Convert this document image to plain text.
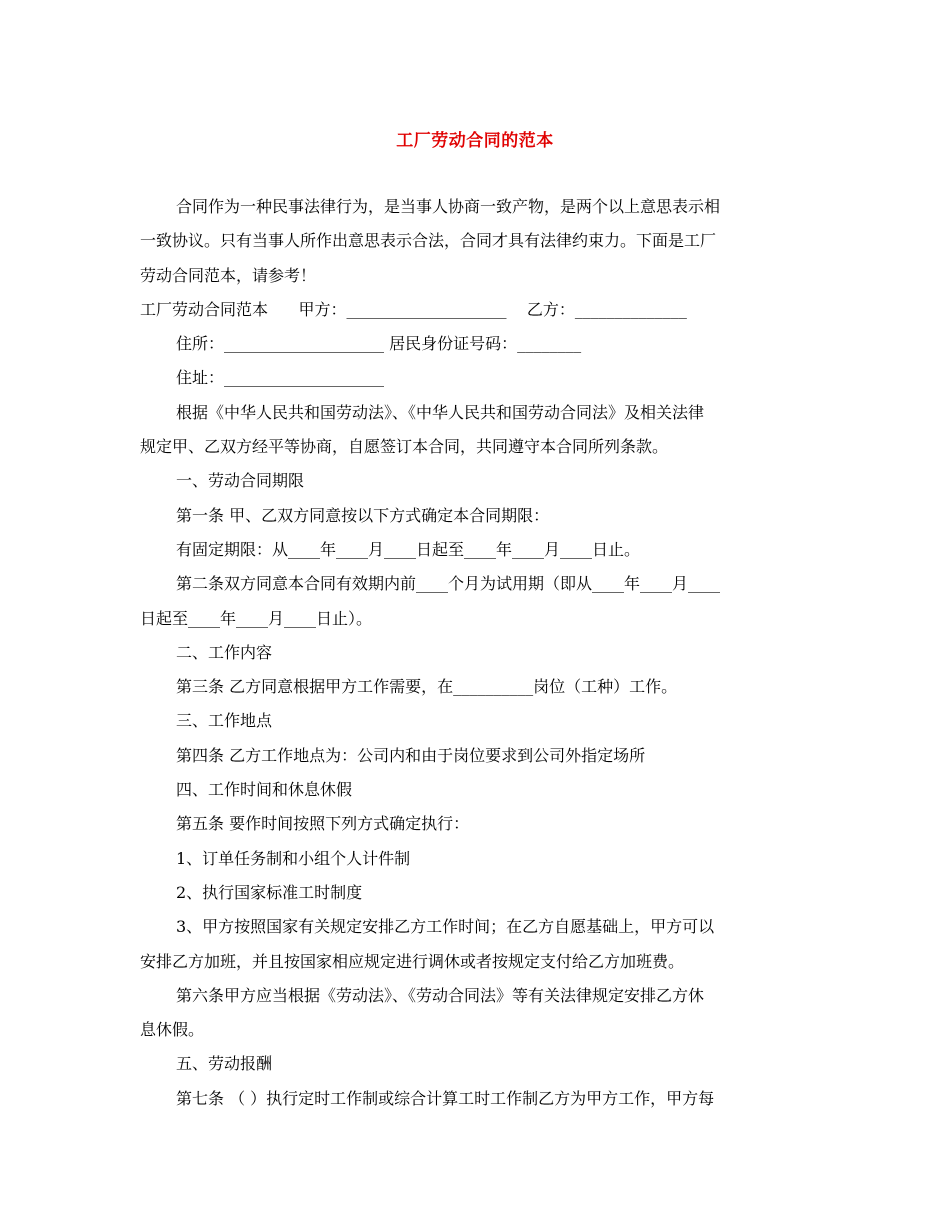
工厂劳动合同的范本
合同作为一种民事法律行为，是当事人协商一致产物，是两个以上意思表示相
一致协议。只有当事人所作出意思表示合法，合同才具有法律约束力。下面是工厂
劳动合同范本，请参考！
工厂劳动合同范本      甲方：____________________    乙方：______________
住所：____________________ 居民身份证号码：________
住址：____________________
根据《中华人民共和国劳动法》、《中华人民共和国劳动合同法》及相关法律
规定甲、乙双方经平等协商，自愿签订本合同，共同遵守本合同所列条款。
一、劳动合同期限
第一条 甲、乙双方同意按以下方式确定本合同期限：
有固定期限：从____年____月____日起至____年____月____日止。
第二条双方同意本合同有效期内前____个月为试用期（即从____年____月____
日起至____年____月____日止）。
二、工作内容
第三条 乙方同意根据甲方工作需要，在__________岗位（工种）工作。
三、工作地点
第四条 乙方工作地点为：公司内和由于岗位要求到公司外指定场所
四、工作时间和休息休假
第五条 要作时间按照下列方式确定执行：
1、订单任务制和小组个人计件制
2、执行国家标准工时制度
3、甲方按照国家有关规定安排乙方工作时间；在乙方自愿基础上，甲方可以
安排乙方加班，并且按国家相应规定进行调休或者按规定支付给乙方加班费。
第六条甲方应当根据《劳动法》、《劳动合同法》等有关法律规定安排乙方休
息休假。
五、劳动报酬
第七条 （ ）执行定时工作制或综合计算工时工作制乙方为甲方工作，甲方每
